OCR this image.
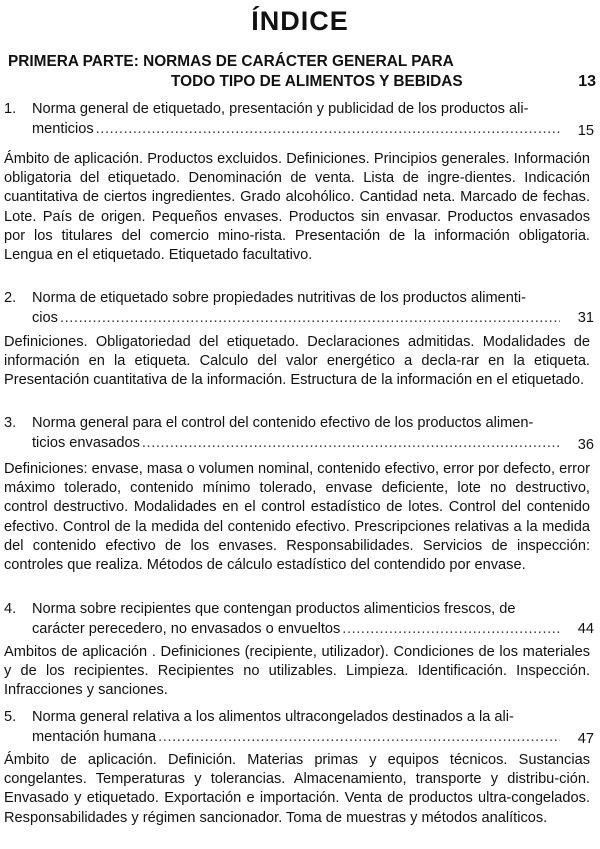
ÍNDICE
PRIMERA PARTE: NORMAS DE CARÁCTER GENERAL PARA
TODO TIPO DE ALIMENTOS Y BEBIDAS	13
1.	Norma general de etiquetado, presentación y publicidad de los productos ali-
menticios .....	15

Ámbito de aplicación. Productos excluidos. Definiciones. Principios generales. Información obligatoria del etiquetado. Denominación de venta. Lista de ingre-dientes. Indicación cuantitativa de ciertos ingredientes. Grado alcohólico. Cantidad neta. Marcado de fechas. Lote. País de origen. Pequeños envases. Productos sin envasar. Productos envasados por los titulares del comercio mino-rista. Presentación de la información obligatoria. Lengua en el etiquetado. Etiquetado facultativo.

2.	Norma de etiquetado sobre propiedades nutritivas de los productos alimenti-
cios .....	31

Definiciones. Obligatoriedad del etiquetado. Declaraciones admitidas. Modalidades de información en la etiqueta. Calculo del valor energético a decla-rar en la etiqueta. Presentación cuantitativa de la información. Estructura de la información en el etiquetado.

3.	Norma general para el control del contenido efectivo de los productos alimen-
ticios envasados .....	36

Definiciones: envase, masa o volumen nominal, contenido efectivo, error por defecto, error máximo tolerado, contenido mínimo tolerado, envase deficiente, lote no destructivo, control destructivo. Modalidades en el control estadístico de lotes. Control del contenido efectivo. Control de la medida del contenido efectivo. Prescripciones relativas a la medida del contenido efectivo de los envases. Responsabilidades. Servicios de inspección: controles que realiza. Métodos de cálculo estadístico del contendido por envase.

4.	Norma sobre recipientes que contengan productos alimenticios frescos, de
carácter perecedero, no envasados o envueltos .....	44

Ambitos de aplicación . Definiciones (recipiente, utilizador). Condiciones de los materiales y de los recipientes. Recipientes no utilizables. Limpieza. Identificación. Inspección. Infracciones y sanciones.

5.	Norma general relativa a los alimentos ultracongelados destinados a la ali-
mentación humana .....	47

Ámbito de aplicación. Definición. Materias primas y equipos técnicos. Sustancias congelantes. Temperaturas y tolerancias. Almacenamiento, transporte y distribu-ción. Envasado y etiquetado. Exportación e importación. Venta de productos ultra-congelados. Responsabilidades y régimen sancionador. Toma de muestras y métodos analíticos.
